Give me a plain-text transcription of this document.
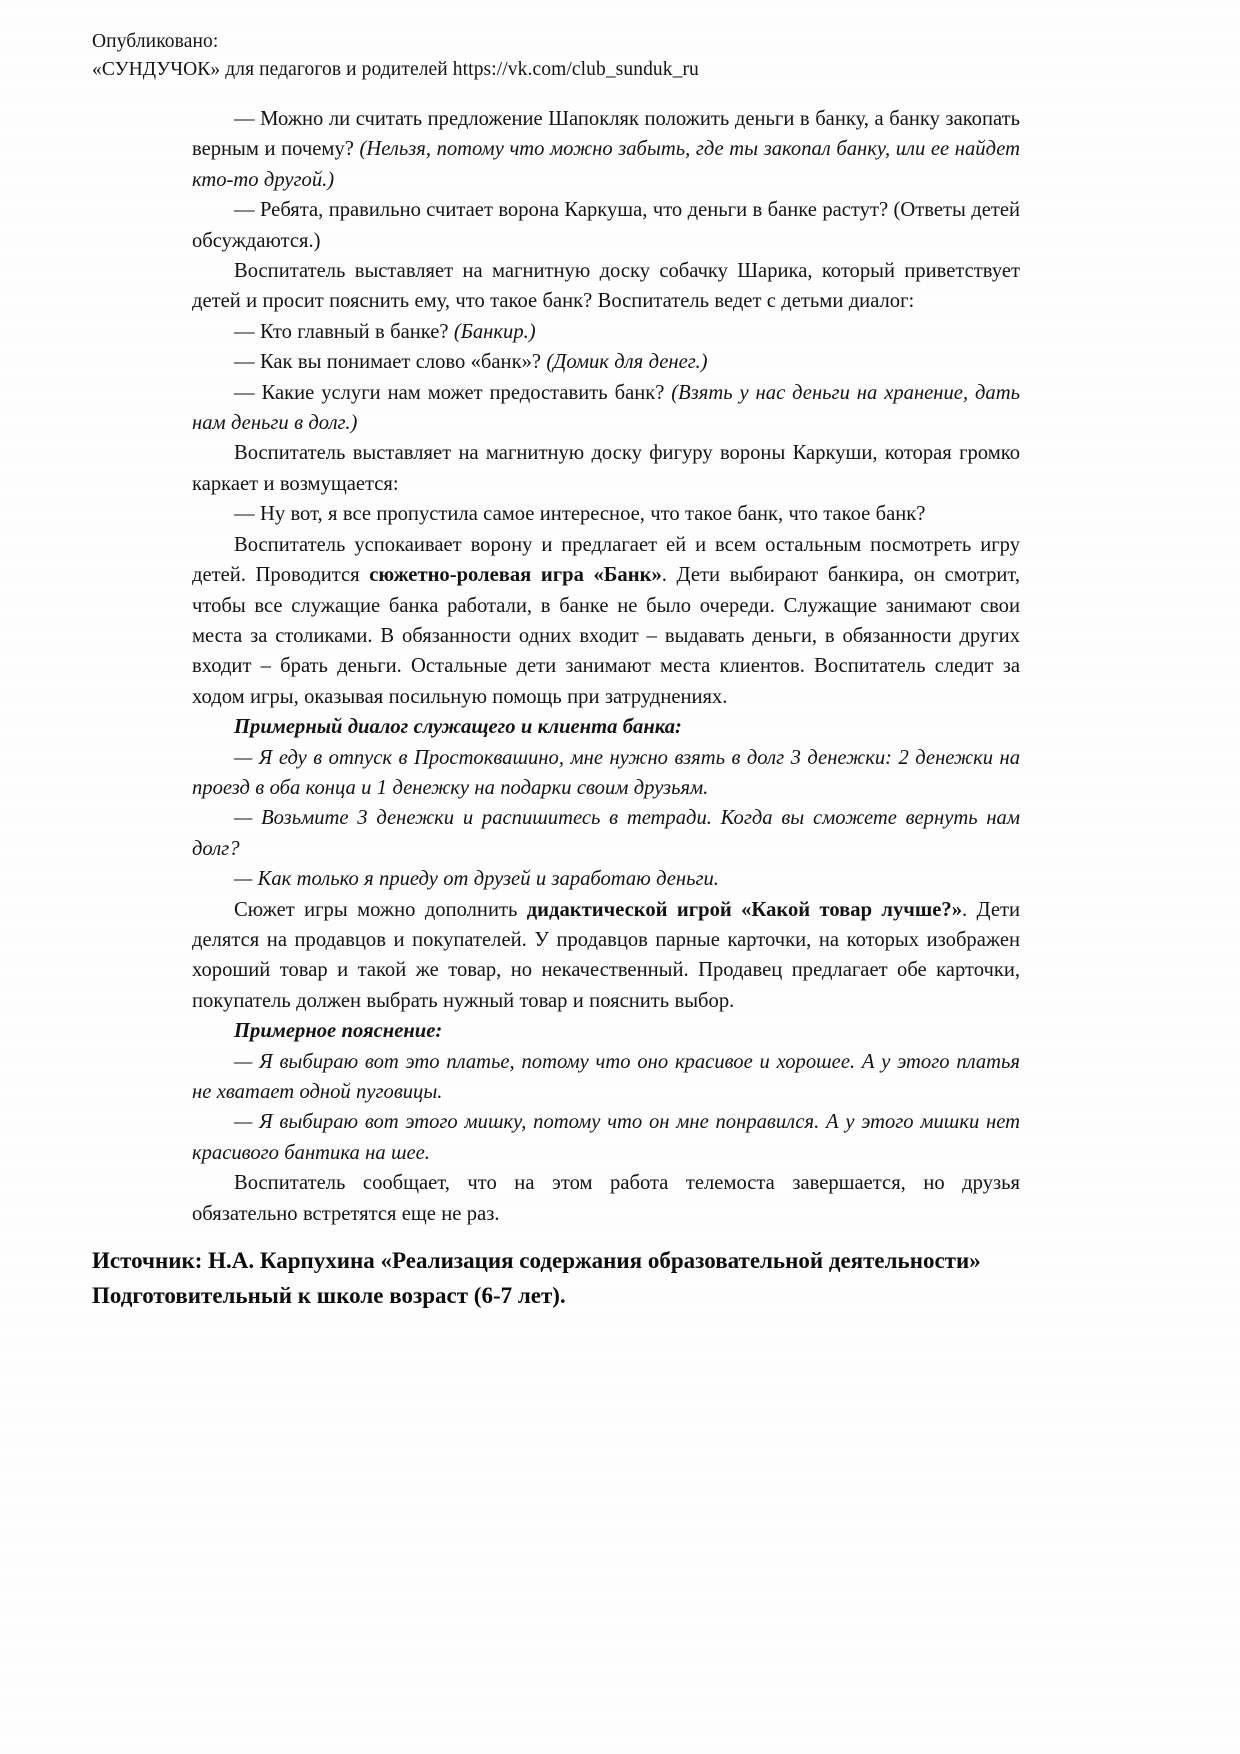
Опубликовано:
«СУНДУЧОК» для педагогов и родителей https://vk.com/club_sunduk_ru

— Можно ли считать предложение Шапокляк положить деньги в банку, а банку закопать верным и почему? (Нельзя, потому что можно забыть, где ты закопал банку, или ее найдет кто-то другой.)

— Ребята, правильно считает ворона Каркуша, что деньги в банке растут? (Ответы детей обсуждаются.)

Воспитатель выставляет на магнитную доску собачку Шарика, который приветствует детей и просит пояснить ему, что такое банк? Воспитатель ведет с детьми диалог:

— Кто главный в банке? (Банкир.)

— Как вы понимает слово «банк»? (Домик для денег.)

— Какие услуги нам может предоставить банк? (Взять у нас деньги на хранение, дать нам деньги в долг.)

Воспитатель выставляет на магнитную доску фигуру вороны Каркуши, которая громко каркает и возмущается:

— Ну вот, я все пропустила самое интересное, что такое банк, что такое банк?

Воспитатель успокаивает ворону и предлагает ей и всем остальным посмотреть игру детей. Проводится сюжетно-ролевая игра «Банк». Дети выбирают банкира, он смотрит, чтобы все служащие банка работали, в банке не было очереди. Служащие занимают свои места за столиками. В обязанности одних входит – выдавать деньги, в обязанности других входит – брать деньги. Остальные дети занимают места клиентов. Воспитатель следит за ходом игры, оказывая посильную помощь при затруднениях.

Примерный диалог служащего и клиента банка:

— Я еду в отпуск в Простоквашино, мне нужно взять в долг 3 денежки: 2 денежки на проезд в оба конца и 1 денежку на подарки своим друзьям.

— Возьмите 3 денежки и распишитесь в тетради. Когда вы сможете вернуть нам долг?

— Как только я приеду от друзей и заработаю деньги.

Сюжет игры можно дополнить дидактической игрой «Какой товар лучше?». Дети делятся на продавцов и покупателей. У продавцов парные карточки, на которых изображен хороший товар и такой же товар, но некачественный. Продавец предлагает обе карточки, покупатель должен выбрать нужный товар и пояснить выбор.

Примерное пояснение:

— Я выбираю вот это платье, потому что оно красивое и хорошее. А у этого платья не хватает одной пуговицы.

— Я выбираю вот этого мишку, потому что он мне понравился. А у этого мишки нет красивого бантика на шее.

Воспитатель сообщает, что на этом работа телемоста завершается, но друзья обязательно встретятся еще не раз.

Источник: Н.А. Карпухина «Реализация содержания образовательной деятельности» Подготовительный к школе возраст (6-7 лет).
